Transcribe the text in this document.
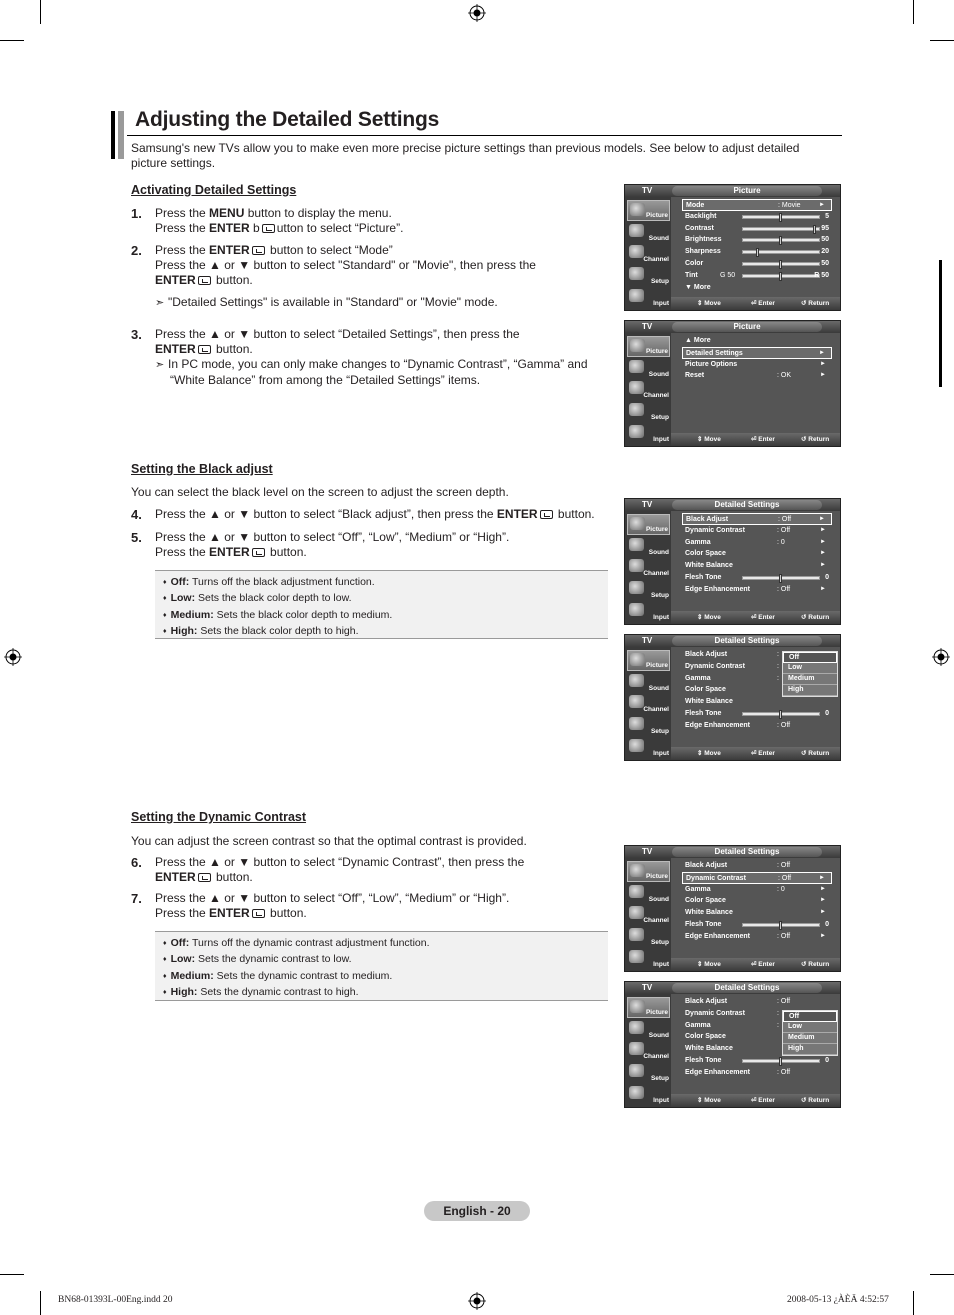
Adjusting the Detailed Settings
Samsung's new TVs allow you to make even more precise picture settings than previous models. See below to adjust detailed picture settings.
Activating Detailed Settings
1. Press the MENU button to display the menu.
Press the ENTER b utton to select “Picture”.
2. Press the ENTER button to select “Mode”
Press the ▲ or ▼ button to select "Standard" or "Movie", then press the
ENTER button.
➣ "Detailed Settings" is available in "Standard" or "Movie" mode.
3. Press the ▲ or ▼ button to select “Detailed Settings”, then press the
ENTER button.
➣ In PC mode, you can only make changes to “Dynamic Contrast”, “Gamma” and
“White Balance” from among the “Detailed Settings” items.
Setting the Black adjust
You can select the black level on the screen to adjust the screen depth.
4. Press the ▲ or ▼ button to select “Black adjust”, then press the ENTER button.
5. Press the ▲ or ▼ button to select “Off”, “Low”, “Medium” or “High”.
Press the ENTER button.
♦ Off: Turns off the black adjustment function.
♦ Low: Sets the black color depth to low.
♦ Medium: Sets the black color depth to medium.
♦ High: Sets the black color depth to high.
Setting the Dynamic Contrast
You can adjust the screen contrast so that the optimal contrast is provided.
6. Press the ▲ or ▼ button to select “Dynamic Contrast”, then press the
ENTER button.
7. Press the ▲ or ▼ button to select “Off”, “Low”, “Medium” or “High”.
Press the ENTER button.
♦ Off: Turns off the dynamic contrast adjustment function.
♦ Low: Sets the dynamic contrast to low.
♦ Medium: Sets the dynamic contrast to medium.
♦ High: Sets the dynamic contrast to high.
TV	Picture
Picture
Sound
Channel
Setup
Input
Mode	: Movie	►
Backlight	5
Contrast	95
Brightness	50
Sharpness	20
Color	50
Tint	G 50	R 50
▼ More
⇕ Move	⏎ Enter	↺ Return
TV	Picture
Picture
Sound
Channel
Setup
Input
▲ More
Detailed Settings	►
Picture Options	►
Reset	: OK	►
⇕ Move	⏎ Enter	↺ Return
TV	Detailed Settings
Picture
Sound
Channel
Setup
Input
Black Adjust	: Off	►
Dynamic Contrast	: Off	►
Gamma	: 0	►
Color Space	►
White Balance	►
Flesh Tone	0
Edge Enhancement	: Off	►
⇕ Move	⏎ Enter	↺ Return
TV	Detailed Settings
Picture
Sound
Channel
Setup
Input
Black Adjust	:
Dynamic Contrast	:
Gamma	:
Color Space
White Balance
Flesh Tone	0
Edge Enhancement	: Off
Off
Low
Medium
High
⇕ Move	⏎ Enter	↺ Return
TV	Detailed Settings
Picture
Sound
Channel
Setup
Input
Black Adjust	: Off
Dynamic Contrast	: Off	►
Gamma	: 0	►
Color Space	►
White Balance	►
Flesh Tone	0
Edge Enhancement	: Off	►
⇕ Move	⏎ Enter	↺ Return
TV	Detailed Settings
Picture
Sound
Channel
Setup
Input
Black Adjust	: Off
Dynamic Contrast	:
Gamma	:
Color Space
White Balance
Flesh Tone	0
Edge Enhancement	: Off
Off
Low
Medium
High
⇕ Move	⏎ Enter	↺ Return
English - 20
BN68-01393L-00Eng.indd 20	2008-05-13 ¿ÀÈÄ 4:52:57
